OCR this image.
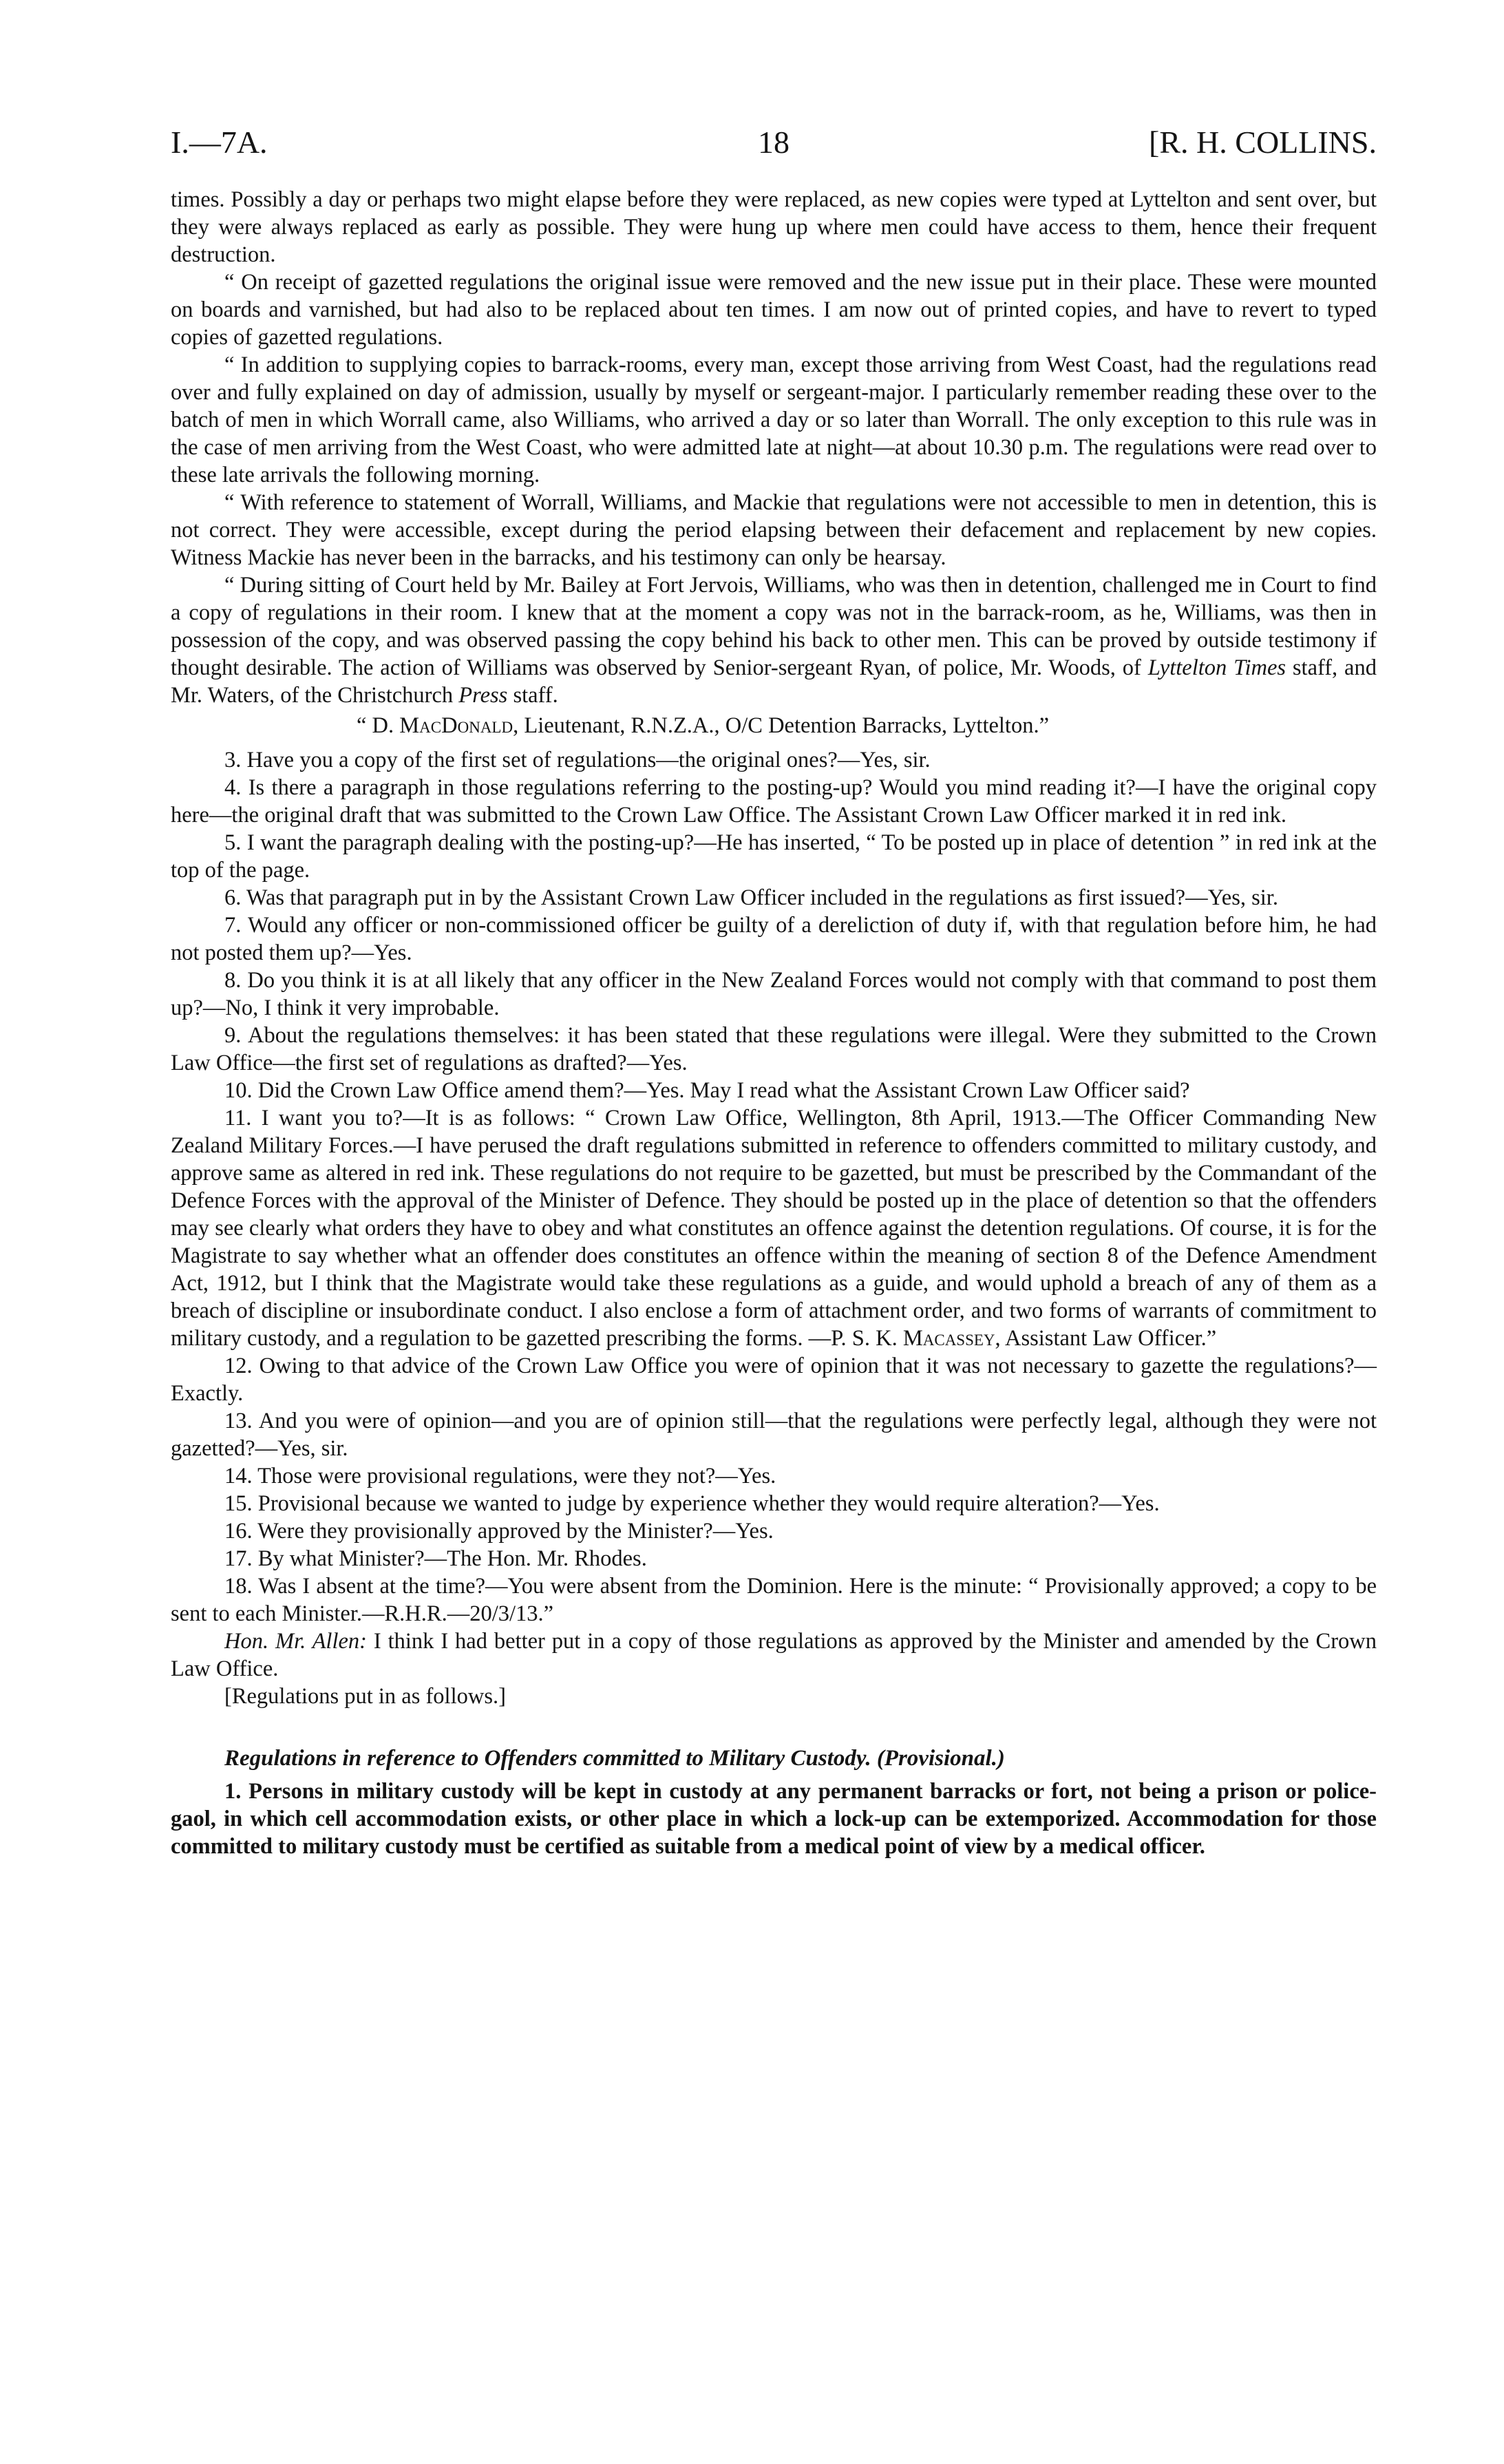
I.—7A.	18	[R. H. COLLINS.

times. Possibly a day or perhaps two might elapse before they were replaced, as new copies were typed at Lyttelton and sent over, but they were always replaced as early as possible. They were hung up where men could have access to them, hence their frequent destruction.

“ On receipt of gazetted regulations the original issue were removed and the new issue put in their place. These were mounted on boards and varnished, but had also to be replaced about ten times. I am now out of printed copies, and have to revert to typed copies of gazetted regulations.

“ In addition to supplying copies to barrack-rooms, every man, except those arriving from West Coast, had the regulations read over and fully explained on day of admission, usually by myself or sergeant-major. I particularly remember reading these over to the batch of men in which Worrall came, also Williams, who arrived a day or so later than Worrall. The only exception to this rule was in the case of men arriving from the West Coast, who were admitted late at night—at about 10.30 p.m. The regulations were read over to these late arrivals the following morning.

“ With reference to statement of Worrall, Williams, and Mackie that regulations were not accessible to men in detention, this is not correct. They were accessible, except during the period elapsing between their defacement and replacement by new copies. Witness Mackie has never been in the barracks, and his testimony can only be hearsay.

“ During sitting of Court held by Mr. Bailey at Fort Jervois, Williams, who was then in detention, challenged me in Court to find a copy of regulations in their room. I knew that at the moment a copy was not in the barrack-room, as he, Williams, was then in possession of the copy, and was observed passing the copy behind his back to other men. This can be proved by outside testimony if thought desirable. The action of Williams was observed by Senior-sergeant Ryan, of police, Mr. Woods, of Lyttelton Times staff, and Mr. Waters, of the Christchurch Press staff.

“ D. MacDonald, Lieutenant, R.N.Z.A., O/C Detention Barracks, Lyttelton.”

3. Have you a copy of the first set of regulations—the original ones?—Yes, sir.

4. Is there a paragraph in those regulations referring to the posting-up? Would you mind reading it?—I have the original copy here—the original draft that was submitted to the Crown Law Office. The Assistant Crown Law Officer marked it in red ink.

5. I want the paragraph dealing with the posting-up?—He has inserted, “ To be posted up in place of detention ” in red ink at the top of the page.

6. Was that paragraph put in by the Assistant Crown Law Officer included in the regulations as first issued?—Yes, sir.

7. Would any officer or non-commissioned officer be guilty of a dereliction of duty if, with that regulation before him, he had not posted them up?—Yes.

8. Do you think it is at all likely that any officer in the New Zealand Forces would not comply with that command to post them up?—No, I think it very improbable.

9. About the regulations themselves: it has been stated that these regulations were illegal. Were they submitted to the Crown Law Office—the first set of regulations as drafted?—Yes.

10. Did the Crown Law Office amend them?—Yes. May I read what the Assistant Crown Law Officer said?

11. I want you to?—It is as follows: “ Crown Law Office, Wellington, 8th April, 1913.—The Officer Commanding New Zealand Military Forces.—I have perused the draft regulations submitted in reference to offenders committed to military custody, and approve same as altered in red ink. These regulations do not require to be gazetted, but must be prescribed by the Commandant of the Defence Forces with the approval of the Minister of Defence. They should be posted up in the place of detention so that the offenders may see clearly what orders they have to obey and what constitutes an offence against the detention regulations. Of course, it is for the Magistrate to say whether what an offender does constitutes an offence within the meaning of section 8 of the Defence Amendment Act, 1912, but I think that the Magistrate would take these regulations as a guide, and would uphold a breach of any of them as a breach of discipline or insubordinate conduct. I also enclose a form of attachment order, and two forms of warrants of commitment to military custody, and a regulation to be gazetted prescribing the forms. —P. S. K. Macassey, Assistant Law Officer.”

12. Owing to that advice of the Crown Law Office you were of opinion that it was not necessary to gazette the regulations?—Exactly.

13. And you were of opinion—and you are of opinion still—that the regulations were perfectly legal, although they were not gazetted?—Yes, sir.

14. Those were provisional regulations, were they not?—Yes.

15. Provisional because we wanted to judge by experience whether they would require alteration?—Yes.

16. Were they provisionally approved by the Minister?—Yes.

17. By what Minister?—The Hon. Mr. Rhodes.

18. Was I absent at the time?—You were absent from the Dominion. Here is the minute: “ Provisionally approved; a copy to be sent to each Minister.—R.H.R.—20/3/13.”

Hon. Mr. Allen: I think I had better put in a copy of those regulations as approved by the Minister and amended by the Crown Law Office.

[Regulations put in as follows.]

Regulations in reference to Offenders committed to Military Custody. (Provisional.)

1. Persons in military custody will be kept in custody at any permanent barracks or fort, not being a prison or police-gaol, in which cell accommodation exists, or other place in which a lock-up can be extemporized. Accommodation for those committed to military custody must be certified as suitable from a medical point of view by a medical officer.
